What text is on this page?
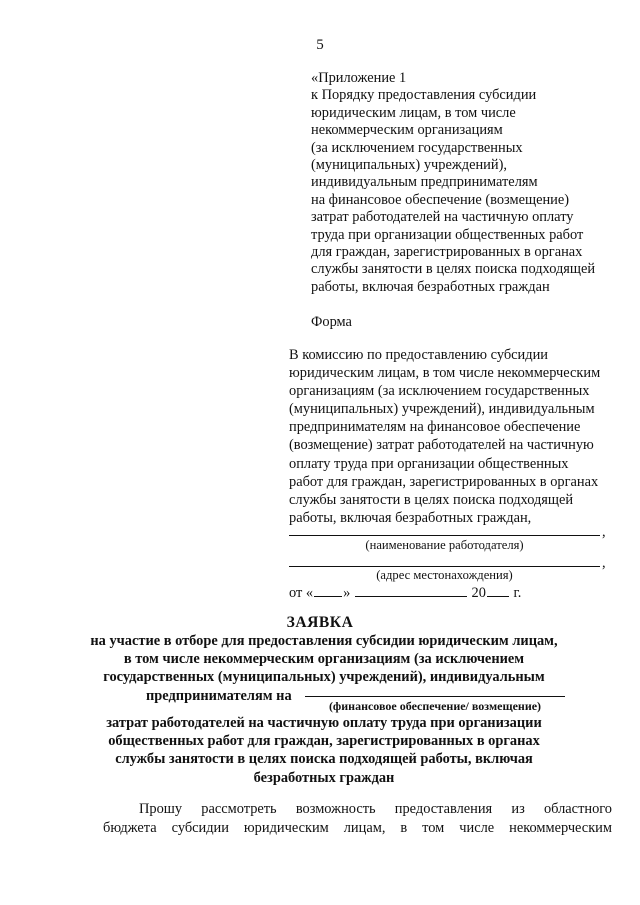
5
«Приложение 1
к Порядку предоставления субсидии
юридическим лицам, в том числе
некоммерческим организациям
(за исключением государственных
(муниципальных) учреждений),
индивидуальным предпринимателям
на финансовое обеспечение (возмещение)
затрат работодателей на частичную оплату
труда при организации общественных работ
для граждан, зарегистрированных в органах
службы занятости в целях поиска подходящей
работы, включая безработных граждан
Форма
В комиссию по предоставлению субсидии
юридическим лицам, в том числе некоммерческим
организациям (за исключением государственных
(муниципальных) учреждений), индивидуальным
предпринимателям на финансовое обеспечение
(возмещение) затрат работодателей на частичную
оплату труда при организации общественных
работ для граждан, зарегистрированных в органах
службы занятости в целях поиска подходящей
работы, включая безработных граждан,
,
(наименование работодателя)
,
(адрес местонахождения)
от « »	20 г.
ЗАЯВКА
на участие в отборе для предоставления субсидии юридическим лицам,
в том числе некоммерческим организациям (за исключением
государственных (муниципальных) учреждений), индивидуальным
предпринимателям на
(финансовое обеспечение/ возмещение)
затрат работодателей на частичную оплату труда при организации
общественных работ для граждан, зарегистрированных в органах
службы занятости в целях поиска подходящей работы, включая
безработных граждан
Прошу рассмотреть возможность предоставления из областного
бюджета субсидии юридическим лицам, в том числе некоммерческим
